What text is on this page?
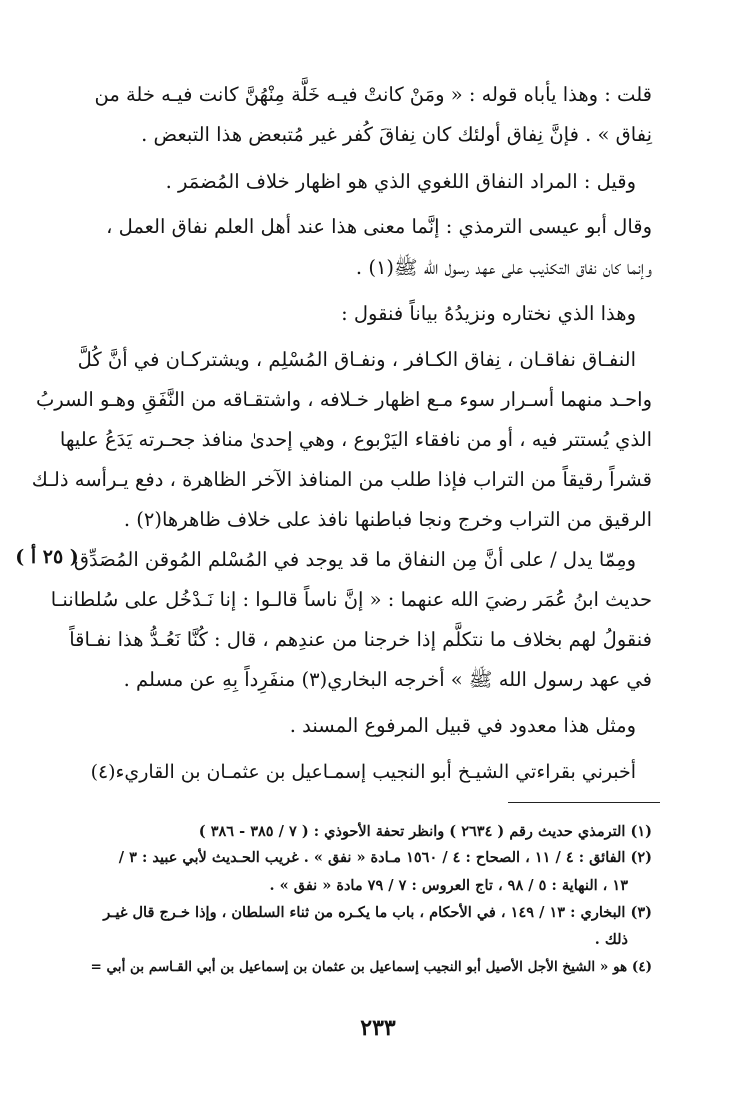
قلت : وهذا يأباه قوله : « ومَنْ كانتْ فيـه خَلَّة مِنْهُنَّ كانت فيـه خلة من
نِفاق » . فإنَّ نِفاق أولئك كان نِفاقَ كُفر غير مُتبعض هذا التبعض .
وقيل : المراد النفاق اللغوي الذي هو اظهار خلاف المُضمَر .
وقال أبو عيسى الترمذي : إنَّما معنى هذا عند أهل العلم نفاق العمل ،
وإنما كان نفاق التكذيب على عهد رسول الله ﷺ(١) .
وهذا الذي نختاره ونزيدُهُ بياناً فنقول :
النفـاق نفاقـان ، نِفاق الكـافر ، ونفـاق المُسْلِم ، ويشتركـان في أنَّ كُلَّ
واحـد منهما أسـرار سوء مـع اظهار خـلافه ، واشتقـاقه من النَّفَقِ وهـو السربُ
الذي يُستتر فيه ، أو من نافقاء اليَرْبوع ، وهي إحدىٰ منافذ جحـرته يَدَعُ عليها
قشراً رقيقاً من التراب فإذا طلب من المنافذ الآخر الظاهرة ، دفع يـرأسه ذلـك
الرقيق من التراب وخرج ونجا فباطنها نافذ على خلاف ظاهرها(٢) .
ومِمّا يدل / على أنَّ مِن النفاق ما قد يوجد في المُسْلم المُوقن المُصَدِّق
( ٢٥ أ )
حديث ابنُ عُمَر رضيَ الله عنهما : « إنَّ ناساً قالـوا : إنا نَـدْخُل على سُلطاننـا
فنقولُ لهم بخلاف ما نتكلَّم إذا خرجنا من عندِهم ، قال : كُنَّا نَعُـدُّ هذا نفـاقاً
في عهد رسول الله ﷺ » أخرجه البخاري(٣) منفَرِداً بِهِ عن مسلم .
ومثل هذا معدود في قبيل المرفوع المسند .
أخبرني بقراءتي الشيـخ أبو النجيب إسمـاعيل بن عثمـان بن القاريء(٤)
(١) الترمذي حديث رقم ( ٢٦٣٤ ) وانظر تحفة الأحوذي : ( ٧ / ٣٨٥ - ٣٨٦ )
(٢) الفائق : ٤ / ١١ ، الصحاح : ٤ / ١٥٦٠ مـادة « نفق » . غريب الحـديث لأبي عبيد : ٣ /
١٣ ، النهاية : ٥ / ٩٨ ، تاج العروس : ٧ / ٧٩ مادة « نفق » .
(٣) البخاري : ١٣ / ١٤٩ ، في الأحكام ، باب ما يكـره من ثناء السلطان ، وإذا خـرج قال غيـر
ذلك .
(٤) هو « الشيخ الأجل الأصيل أبو النجيب إسماعيل بن عثمان بن إسماعيل بن أبي القـاسم بن أبي =
٢٣٣
